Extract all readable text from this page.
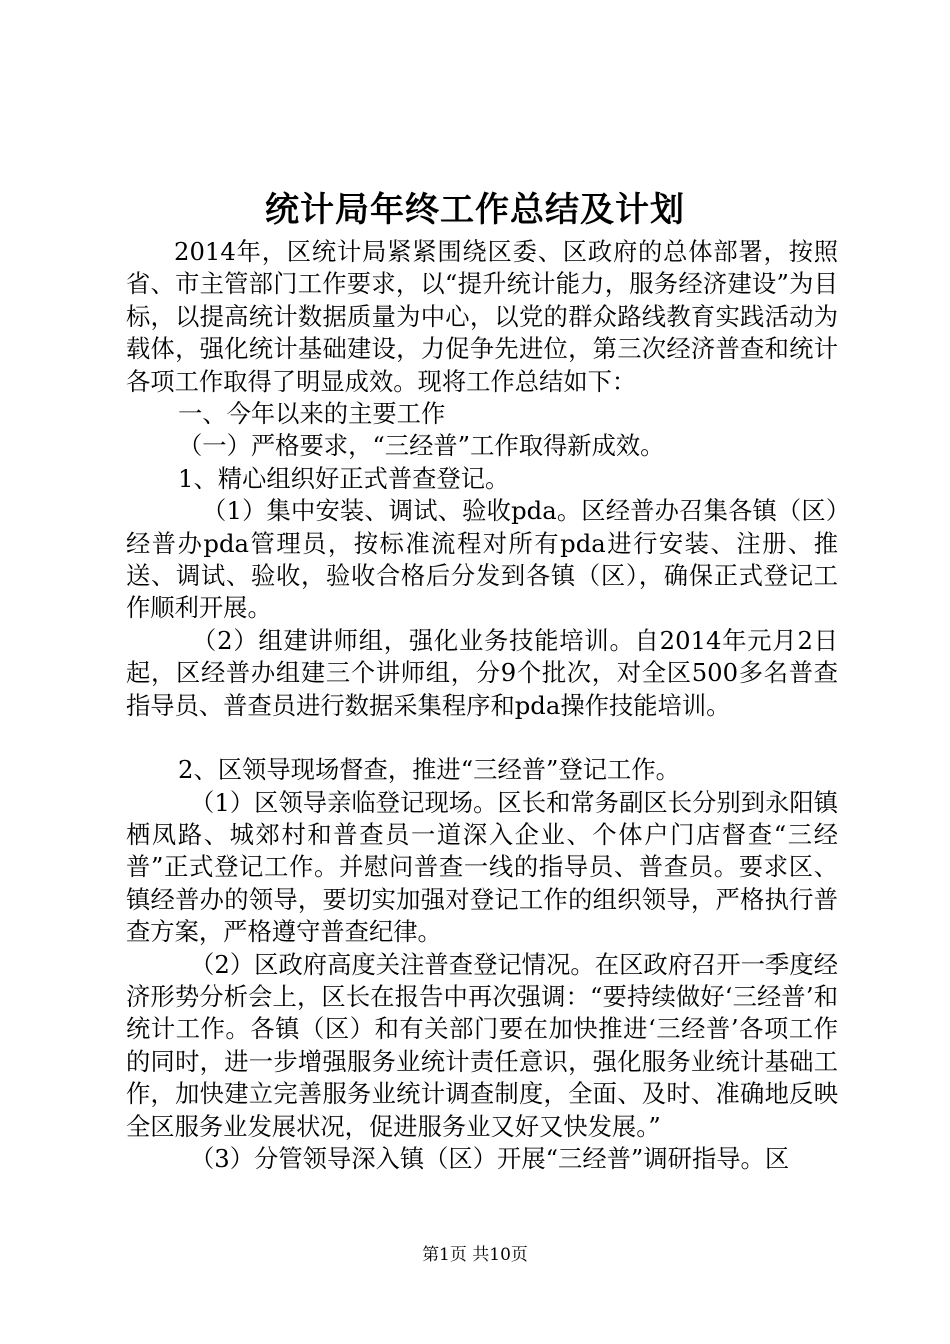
统计局年终工作总结及计划

2014年，区统计局紧紧围绕区委、区政府的总体部署，按照省、市主管部门工作要求，以“提升统计能力，服务经济建设”为目标，以提高统计数据质量为中心，以党的群众路线教育实践活动为载体，强化统计基础建设，力促争先进位，第三次经济普查和统计各项工作取得了明显成效。现将工作总结如下：

一、今年以来的主要工作

（一）严格要求，“三经普”工作取得新成效。

1、精心组织好正式普查登记。

（1）集中安装、调试、验收pda。区经普办召集各镇（区）经普办pda管理员，按标准流程对所有pda进行安装、注册、推送、调试、验收，验收合格后分发到各镇（区），确保正式登记工作顺利开展。

（2）组建讲师组，强化业务技能培训。自2014年元月2日起，区经普办组建三个讲师组，分9个批次，对全区500多名普查指导员、普查员进行数据采集程序和pda操作技能培训。

2、区领导现场督查，推进“三经普”登记工作。

（1）区领导亲临登记现场。区长和常务副区长分别到永阳镇栖凤路、城郊村和普查员一道深入企业、个体户门店督查“三经普”正式登记工作。并慰问普查一线的指导员、普查员。要求区、镇经普办的领导，要切实加强对登记工作的组织领导，严格执行普查方案，严格遵守普查纪律。

（2）区政府高度关注普查登记情况。在区政府召开一季度经济形势分析会上，区长在报告中再次强调：“要持续做好‘三经普’和统计工作。各镇（区）和有关部门要在加快推进‘三经普’各项工作的同时，进一步增强服务业统计责任意识，强化服务业统计基础工作，加快建立完善服务业统计调查制度，全面、及时、准确地反映全区服务业发展状况，促进服务业又好又快发展。”

（3）分管领导深入镇（区）开展“三经普”调研指导。区

第1页 共10页
